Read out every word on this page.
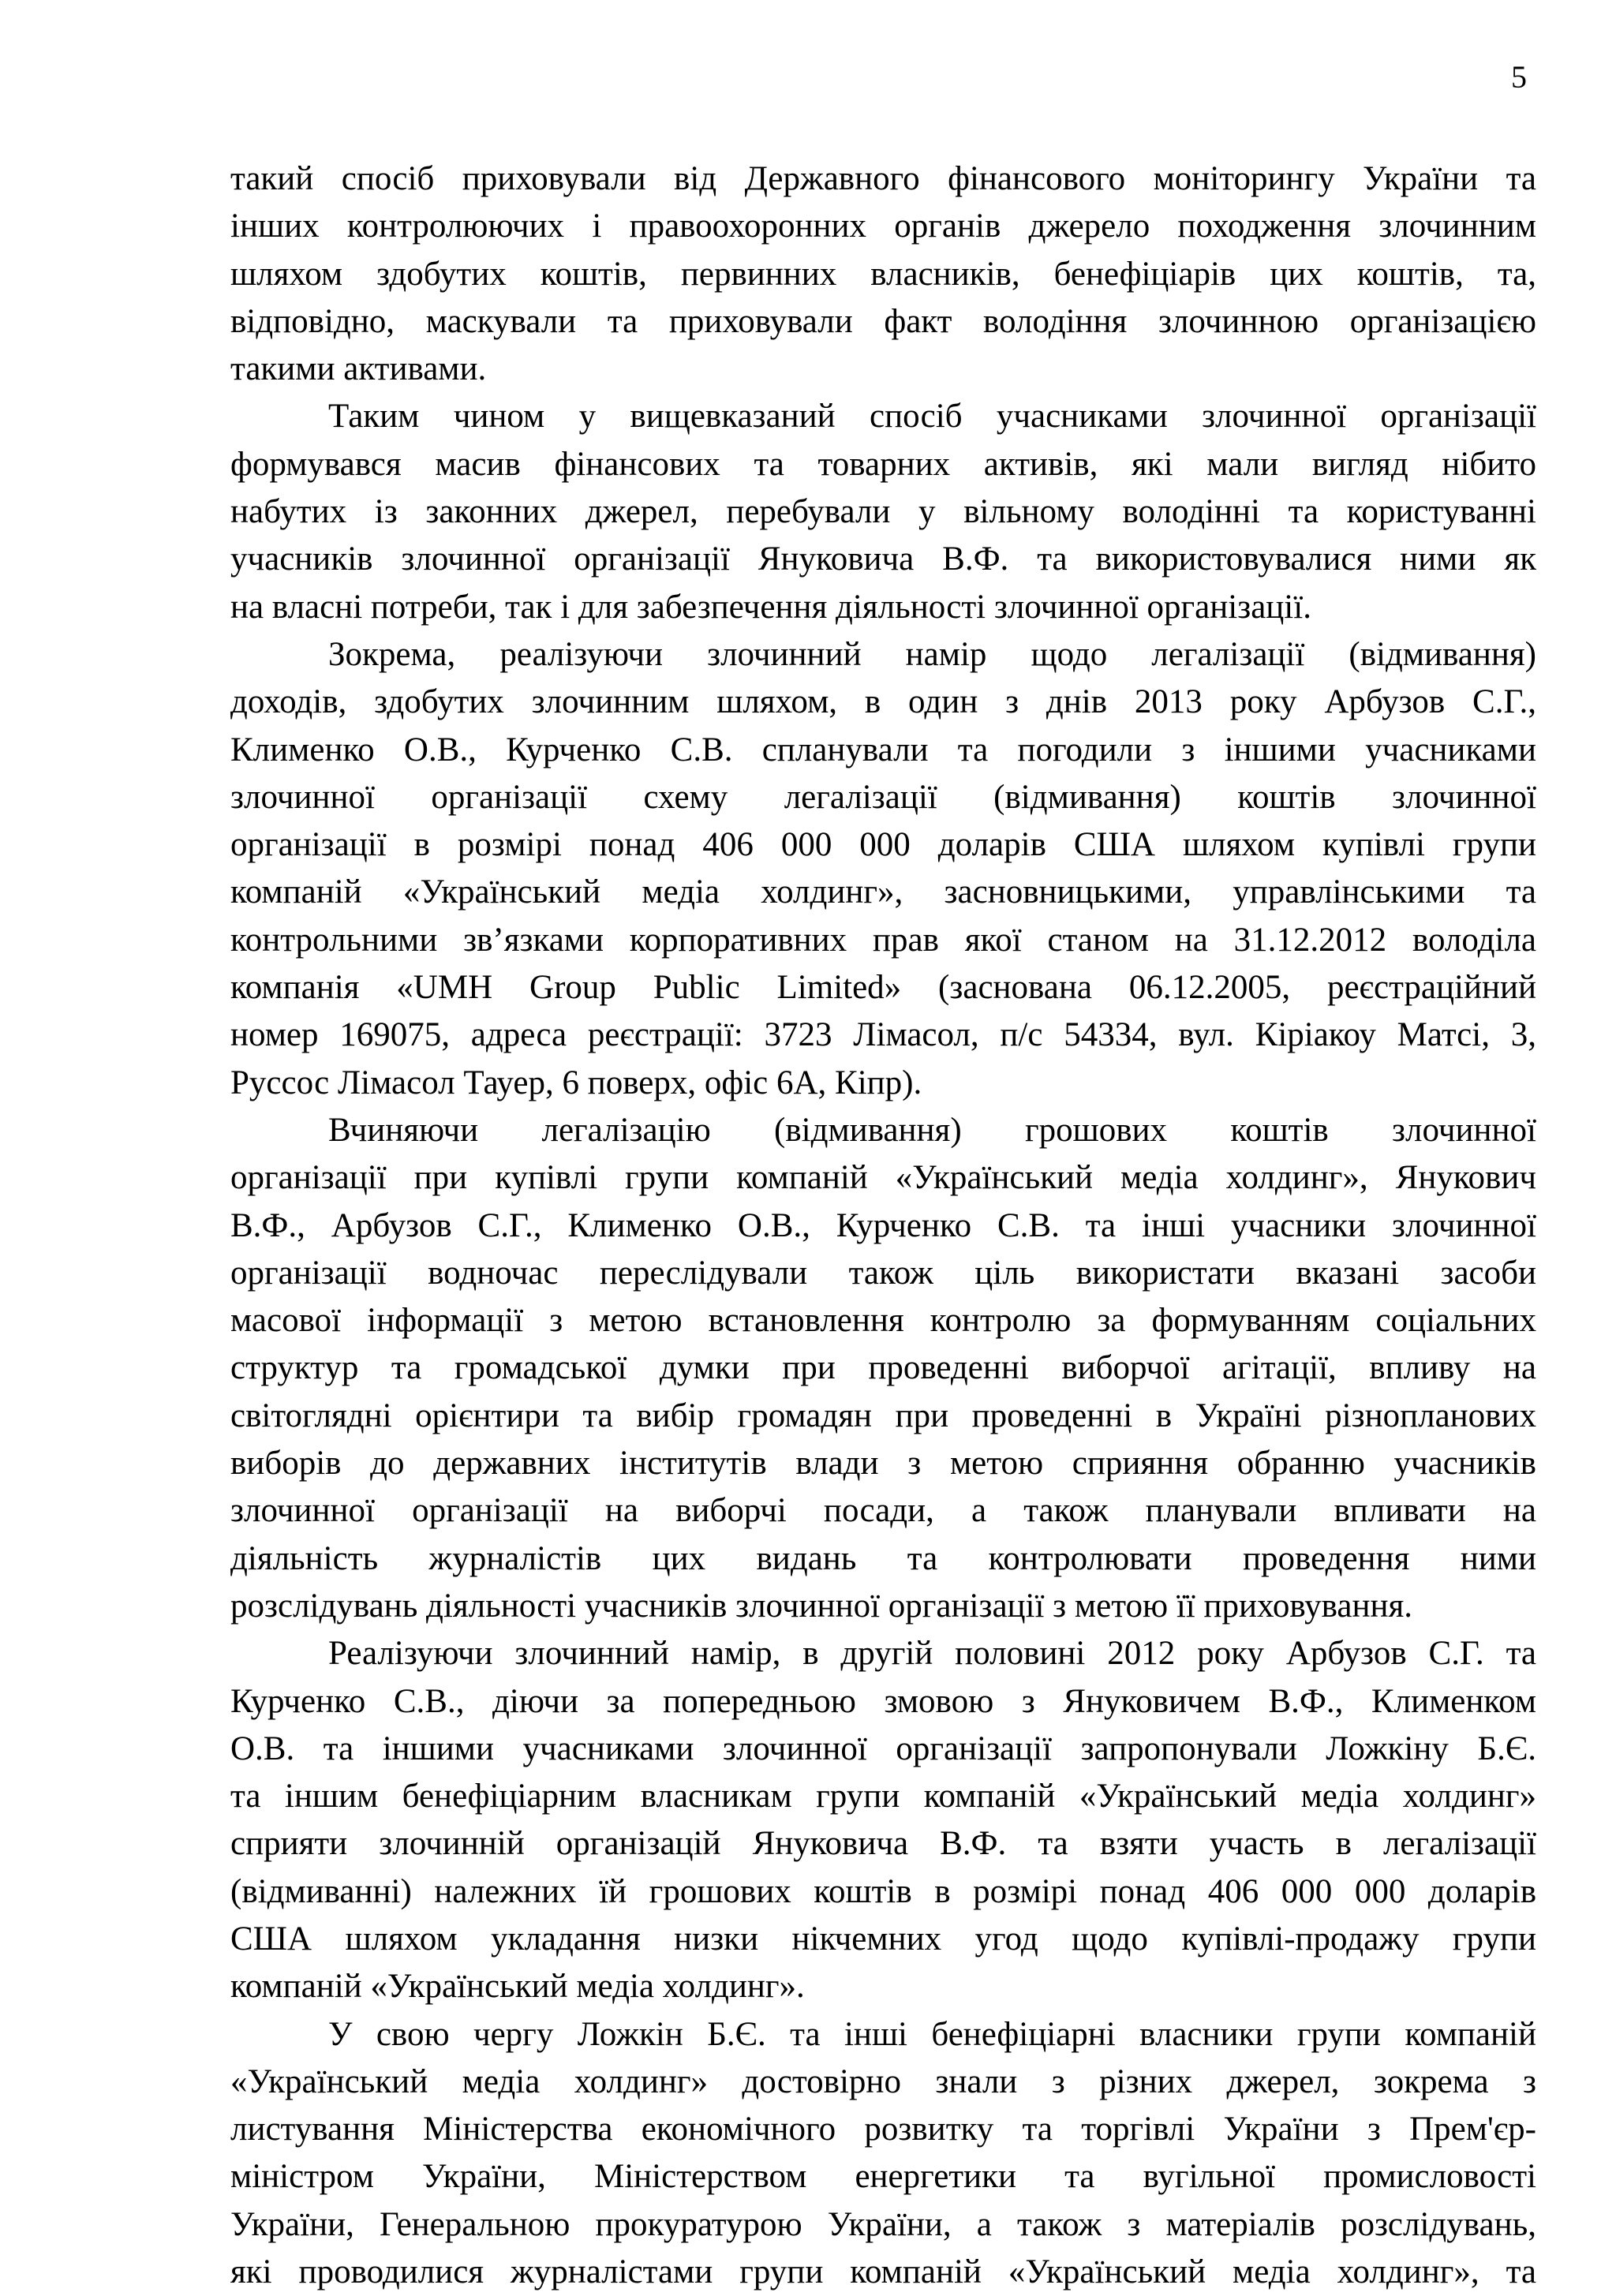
5
такий спосіб приховували від Державного фінансового моніторингу України та
інших контролюючих і правоохоронних органів джерело походження злочинним
шляхом здобутих коштів, первинних власників, бенефіціарів цих коштів, та,
відповідно, маскували та приховували факт володіння злочинною організацією
такими активами.
Таким чином у вищевказаний спосіб учасниками злочинної організації
формувався масив фінансових та товарних активів, які мали вигляд нібито
набутих із законних джерел, перебували у вільному володінні та користуванні
учасників злочинної організації Януковича В.Ф. та використовувалися ними як
на власні потреби, так і для забезпечення діяльності злочинної організації.
Зокрема, реалізуючи злочинний намір щодо легалізації (відмивання)
доходів, здобутих злочинним шляхом, в один з днів 2013 року Арбузов С.Г.,
Клименко О.В., Курченко С.В. спланували та погодили з іншими учасниками
злочинної організації схему легалізації (відмивання) коштів злочинної
організації в розмірі понад 406 000 000 доларів США шляхом купівлі групи
компаній «Український медіа холдинг», засновницькими, управлінськими та
контрольними зв’язками корпоративних прав якої станом на 31.12.2012 володіла
компанія «UMH Group Public Limited» (заснована 06.12.2005, реєстраційний
номер 169075, адреса реєстрації: 3723 Лімасол, п/с 54334, вул. Кіріакоу Матсі, 3,
Руссос Лімасол Тауер, 6 поверх, офіс 6А, Кіпр).
Вчиняючи легалізацію (відмивання) грошових коштів злочинної
організації при купівлі групи компаній «Український медіа холдинг», Янукович
В.Ф., Арбузов С.Г., Клименко О.В., Курченко С.В. та інші учасники злочинної
організації водночас переслідували також ціль використати вказані засоби
масової інформації з метою встановлення контролю за формуванням соціальних
структур та громадської думки при проведенні виборчої агітації, впливу на
світоглядні орієнтири та вибір громадян при проведенні в Україні різнопланових
виборів до державних інститутів влади з метою сприяння обранню учасників
злочинної організації на виборчі посади, а також планували впливати на
діяльність журналістів цих видань та контролювати проведення ними
розслідувань діяльності учасників злочинної організації з метою її приховування.
Реалізуючи злочинний намір, в другій половині 2012 року Арбузов С.Г. та
Курченко С.В., діючи за попередньою змовою з Януковичем В.Ф., Клименком
О.В. та іншими учасниками злочинної організації запропонували Ложкіну Б.Є.
та іншим бенефіціарним власникам групи компаній «Український медіа холдинг»
сприяти злочинній організацій Януковича В.Ф. та взяти участь в легалізації
(відмиванні) належних їй грошових коштів в розмірі понад 406 000 000 доларів
США шляхом укладання низки нікчемних угод щодо купівлі-продажу групи
компаній «Український медіа холдинг».
У свою чергу Ложкін Б.Є. та інші бенефіціарні власники групи компаній
«Український медіа холдинг» достовірно знали з різних джерел, зокрема з
листування Міністерства економічного розвитку та торгівлі України з Прем'єр-
міністром України, Міністерством енергетики та вугільної промисловості
України, Генеральною прокуратурою України, а також з матеріалів розслідувань,
які проводилися журналістами групи компаній «Український медіа холдинг», та
